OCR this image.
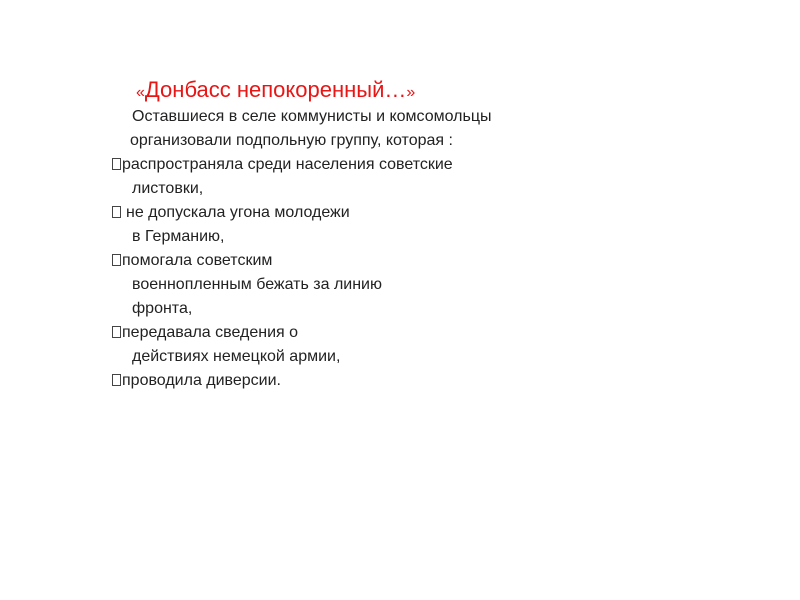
«Донбасс непокоренный…»
Оставшиеся в селе коммунисты и комсомольцы
организовали подпольную группу, которая :
распространяла среди населения советские
листовки,
не допускала угона молодежи
в Германию,
помогала советским
военнопленным бежать за линию
фронта,
передавала сведения о
действиях немецкой армии,
проводила диверсии.
